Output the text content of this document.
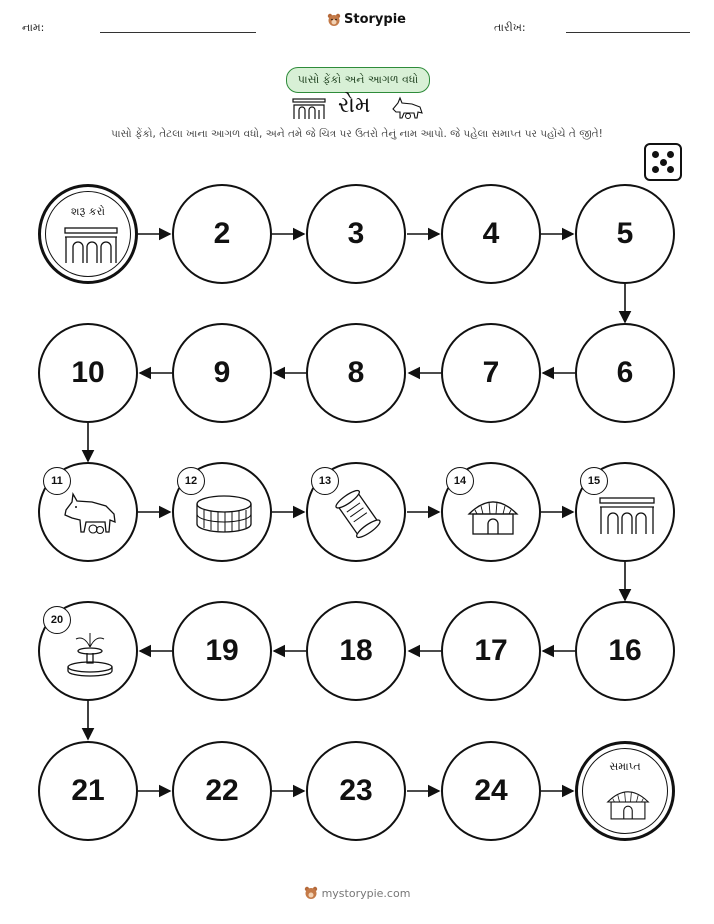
નામ:
Storypie
તારીખ:
પાસો ફેંકો અને આગળ વધો
રોમ
પાસો ફેંકો, તેટલા ખાના આગળ વધો, અને તમે જે ચિત્ર પર ઉતરો તેનું નામ આપો. જે પહેલા સમાપ્ત પર પહોંચે તે જીતે!
શરૂ કરો
2	3	4	5
10	9	8	7	6
11	12	13	14	15
20
19	18	17	16
21	22	23	24
સમાપ્ત
mystorypie.com
